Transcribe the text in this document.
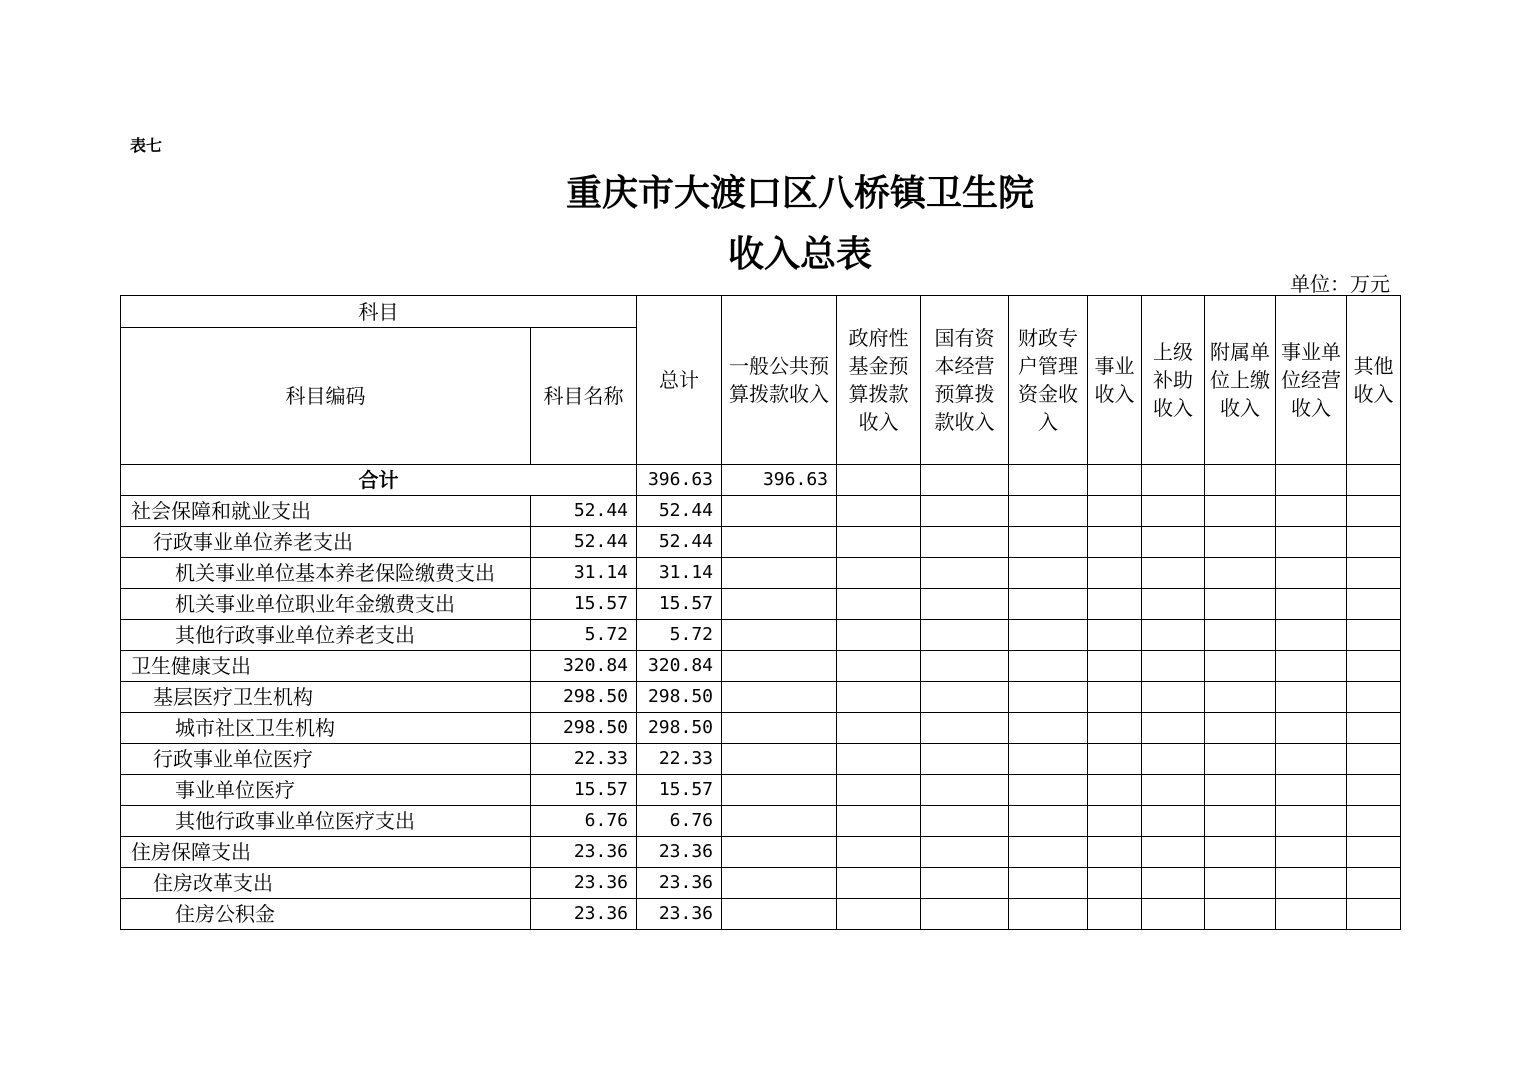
表七
重庆市大渡口区八桥镇卫生院
收入总表
单位：万元
科目		总计	一般公共预算拨款收入	政府性基金预算拨款收入	国有资本经营预算拨款收入	财政专户管理资金收入	事业收入	上级补助收入	附属单位上缴收入	事业单位经营收入	其他收入
科目编码	科目名称										
合计		396.63	396.63								
社会保障和就业支出	52.44	52.44									
行政事业单位养老支出	52.44	52.44									
机关事业单位基本养老保险缴费支出	31.14	31.14									
机关事业单位职业年金缴费支出	15.57	15.57									
其他行政事业单位养老支出	5.72	5.72									
卫生健康支出	320.84	320.84									
基层医疗卫生机构	298.50	298.50									
城市社区卫生机构	298.50	298.50									
行政事业单位医疗	22.33	22.33									
事业单位医疗	15.57	15.57									
其他行政事业单位医疗支出	6.76	6.76									
住房保障支出	23.36	23.36									
住房改革支出	23.36	23.36									
住房公积金	23.36	23.36									
